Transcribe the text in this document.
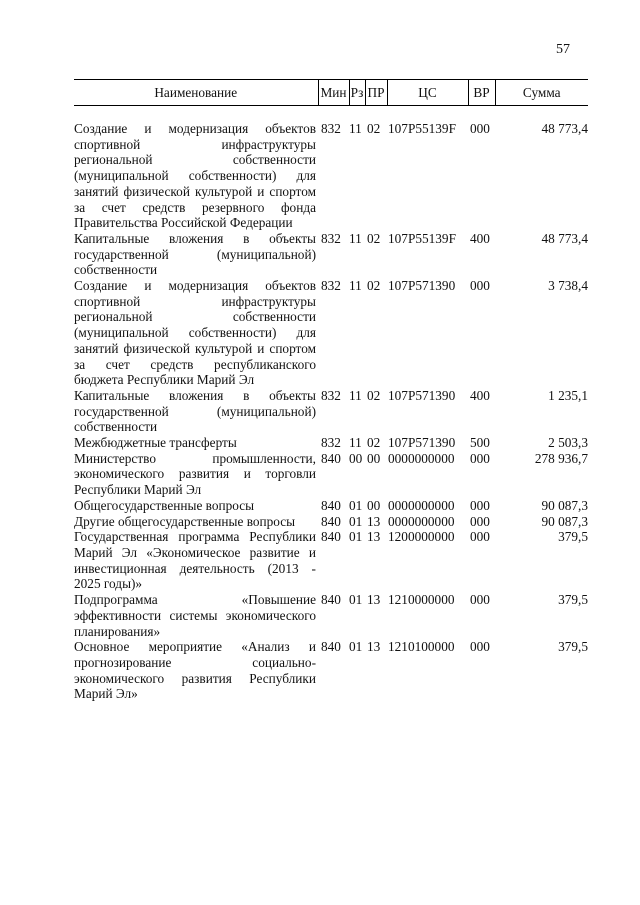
57
Наименование	Мин	Рз	ПР	ЦС	ВР	Сумма

Создание и модернизация объектов спортивной инфраструктуры региональной собственности (муниципальной собственности) для занятий физической культурой и спортом за счет средств резервного фонда Правительства Российской Федерации	832	11	02	107P55139F	000	48 773,4
Капитальные вложения в объекты государственной (муниципальной) собственности	832	11	02	107P55139F	400	48 773,4
Создание и модернизация объектов спортивной инфраструктуры региональной собственности (муниципальной собственности) для занятий физической культурой и спортом за счет средств республиканского бюджета Республики Марий Эл	832	11	02	107P571390	000	3 738,4
Капитальные вложения в объекты государственной (муниципальной) собственности	832	11	02	107P571390	400	1 235,1
Межбюджетные трансферты	832	11	02	107P571390	500	2 503,3
Министерство промышленности, экономического развития и торговли Республики Марий Эл	840	00	00	0000000000	000	278 936,7
Общегосударственные вопросы	840	01	00	0000000000	000	90 087,3
Другие общегосударственные вопросы	840	01	13	0000000000	000	90 087,3
Государственная программа Республики Марий Эл «Экономическое развитие и инвестиционная деятельность (2013 - 2025 годы)»	840	01	13	1200000000	000	379,5
Подпрограмма «Повышение эффективности системы экономического планирования»	840	01	13	1210000000	000	379,5
Основное мероприятие «Анализ и прогнозирование социально-экономического развития Республики Марий Эл»	840	01	13	1210100000	000	379,5
